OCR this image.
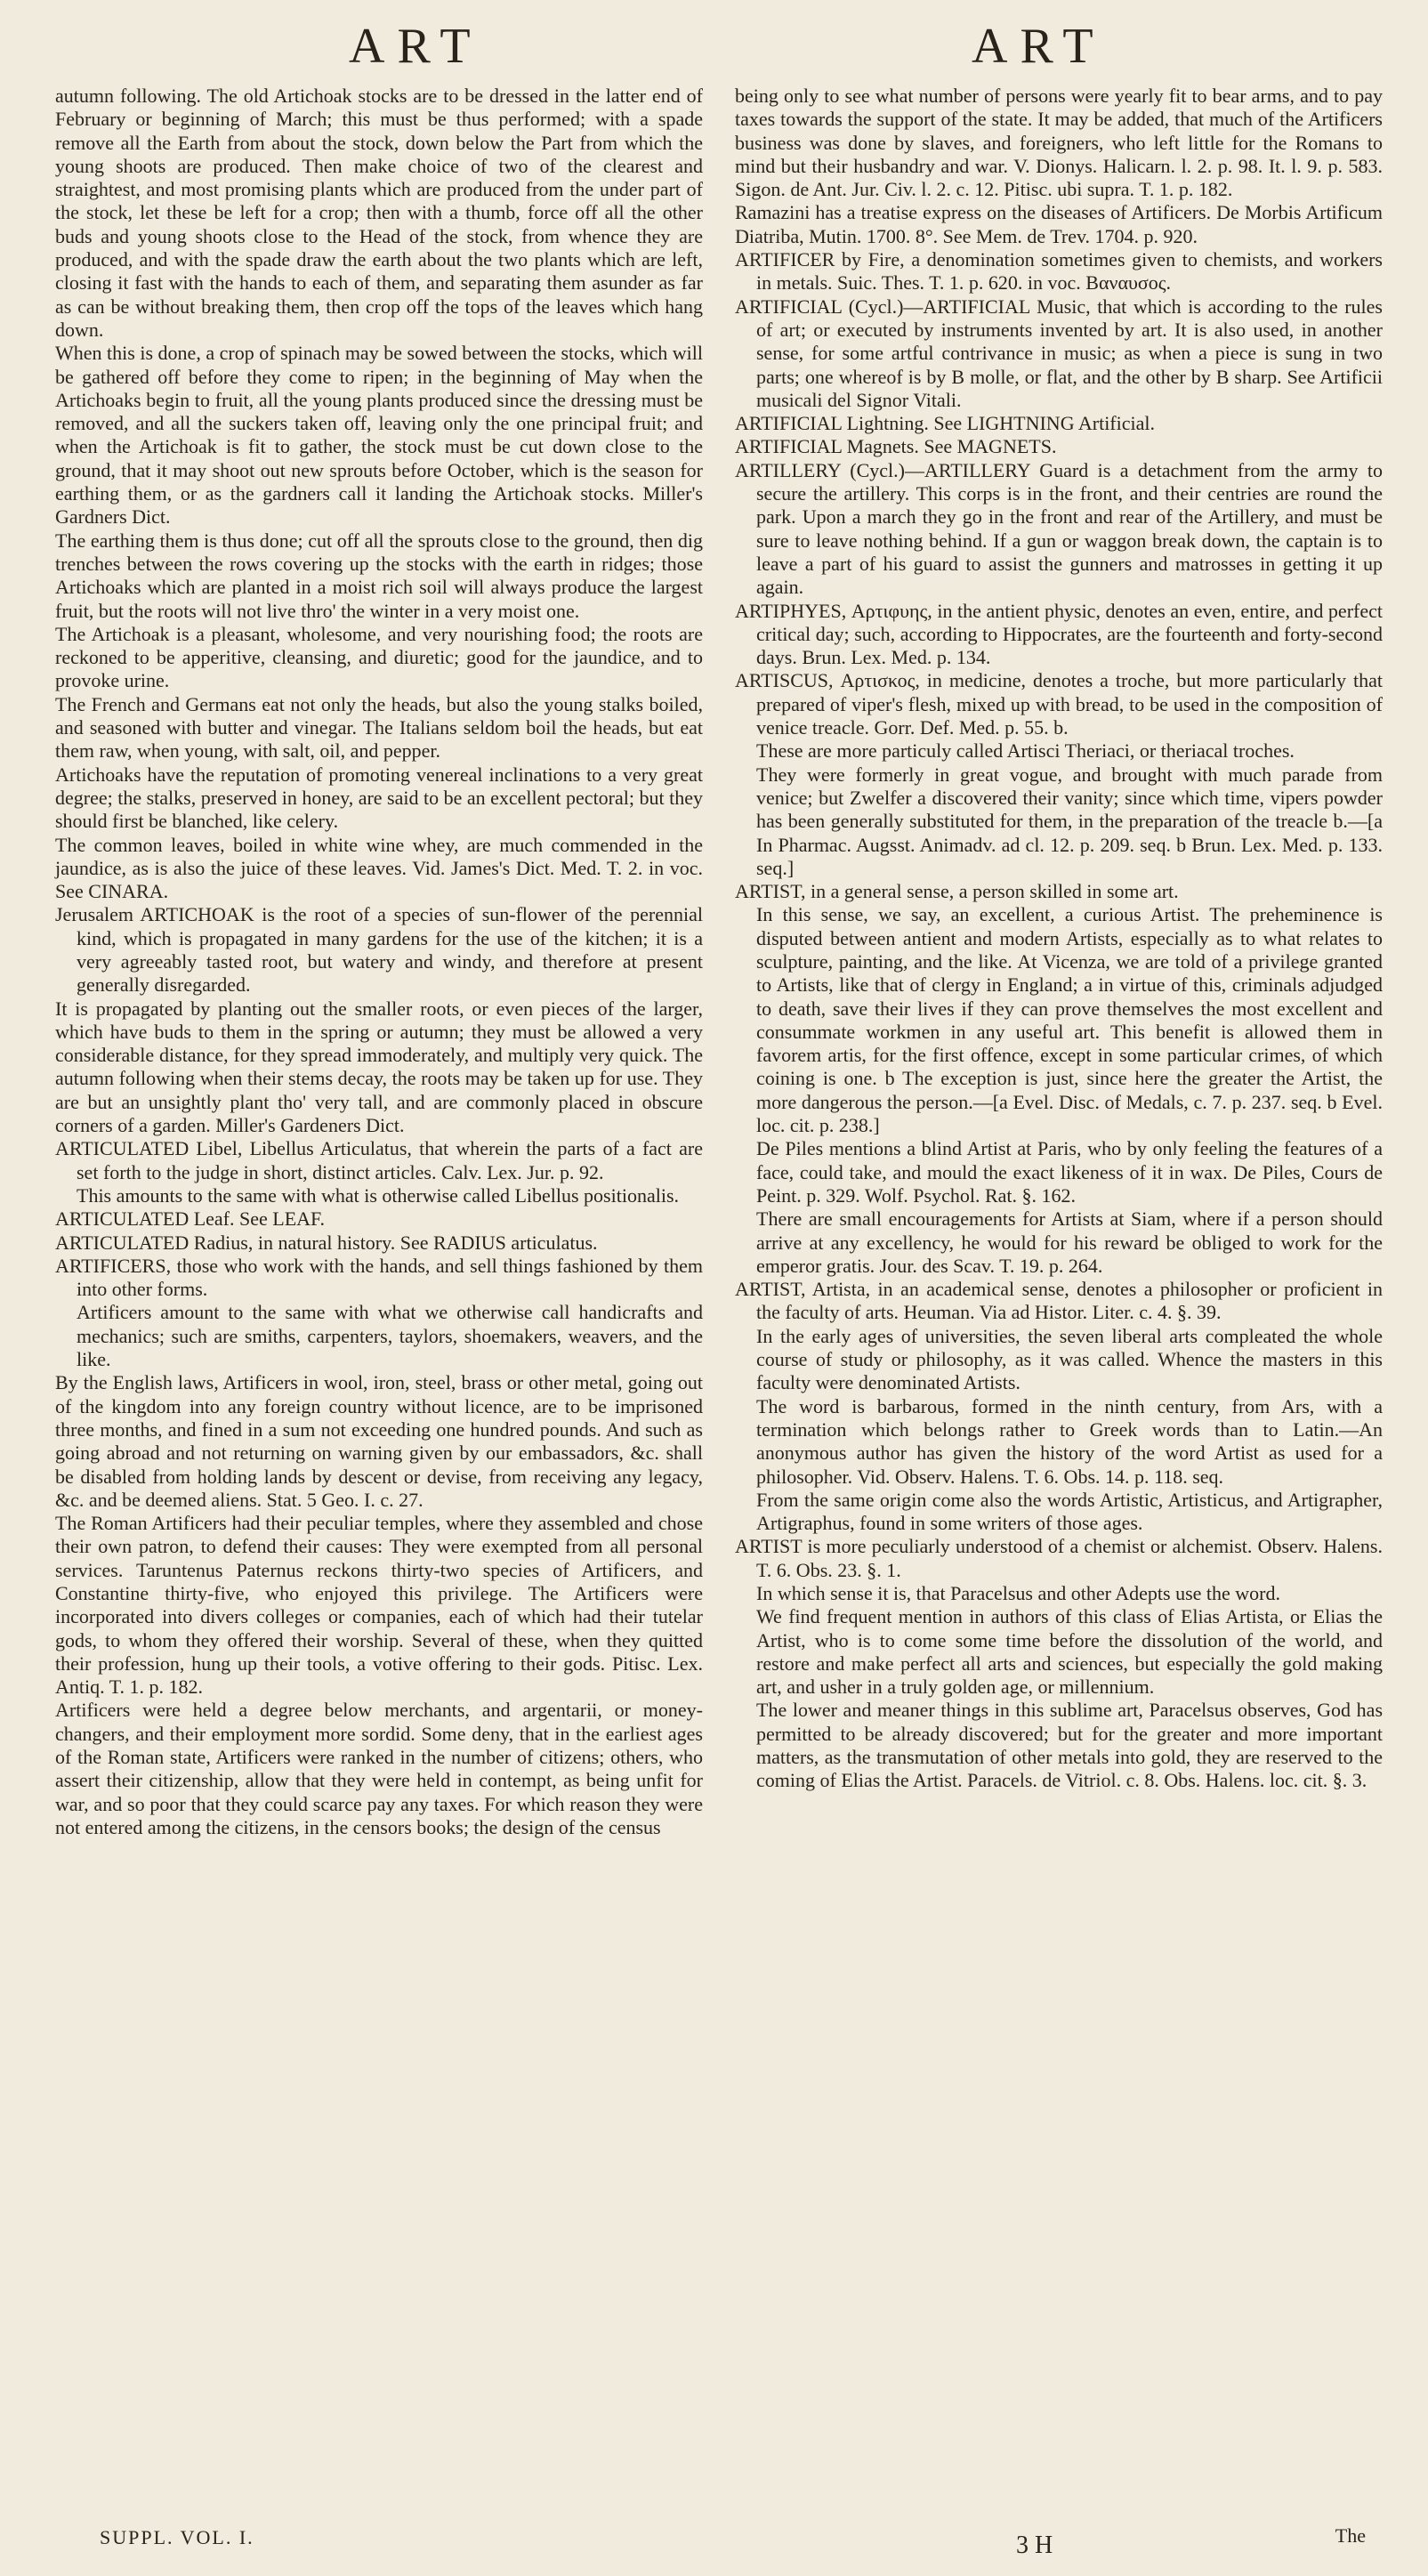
ART	ART

autumn following. The old Artichoak stocks are to be dressed in the latter end of February or beginning of March; this must be thus performed; with a spade remove all the Earth from about the stock, down below the Part from which the young shoots are produced. Then make choice of two of the clearest and straightest, and most promising plants which are produced from the under part of the stock, let these be left for a crop; then with a thumb, force off all the other buds and young shoots close to the Head of the stock, from whence they are produced, and with the spade draw the earth about the two plants which are left, closing it fast with the hands to each of them, and separating them asunder as far as can be without breaking them, then crop off the tops of the leaves which hang down.

When this is done, a crop of spinach may be sowed between the stocks, which will be gathered off before they come to ripen; in the beginning of May when the Artichoaks begin to fruit, all the young plants produced since the dressing must be removed, and all the suckers taken off, leaving only the one principal fruit; and when the Artichoak is fit to gather, the stock must be cut down close to the ground, that it may shoot out new sprouts before October, which is the season for earthing them, or as the gardners call it landing the Artichoak stocks. Miller's Gardners Dict.

The earthing them is thus done; cut off all the sprouts close to the ground, then dig trenches between the rows covering up the stocks with the earth in ridges; those Artichoaks which are planted in a moist rich soil will always produce the largest fruit, but the roots will not live thro' the winter in a very moist one.

The Artichoak is a pleasant, wholesome, and very nourishing food; the roots are reckoned to be apperitive, cleansing, and diuretic; good for the jaundice, and to provoke urine.

The French and Germans eat not only the heads, but also the young stalks boiled, and seasoned with butter and vinegar. The Italians seldom boil the heads, but eat them raw, when young, with salt, oil, and pepper.

Artichoaks have the reputation of promoting venereal inclinations to a very great degree; the stalks, preserved in honey, are said to be an excellent pectoral; but they should first be blanched, like celery.

The common leaves, boiled in white wine whey, are much commended in the jaundice, as is also the juice of these leaves. Vid. James's Dict. Med. T. 2. in voc. See CINARA.

Jerusalem ARTICHOAK is the root of a species of sun-flower of the perennial kind, which is propagated in many gardens for the use of the kitchen; it is a very agreeably tasted root, but watery and windy, and therefore at present generally disregarded.

It is propagated by planting out the smaller roots, or even pieces of the larger, which have buds to them in the spring or autumn; they must be allowed a very considerable distance, for they spread immoderately, and multiply very quick. The autumn following when their stems decay, the roots may be taken up for use. They are but an unsightly plant tho' very tall, and are commonly placed in obscure corners of a garden. Miller's Gardeners Dict.

ARTICULATED Libel, Libellus Articulatus, that wherein the parts of a fact are set forth to the judge in short, distinct articles. Calv. Lex. Jur. p. 92.

This amounts to the same with what is otherwise called Libellus positionalis.

ARTICULATED Leaf. See LEAF.

ARTICULATED Radius, in natural history. See RADIUS articulatus.

ARTIFICERS, those who work with the hands, and sell things fashioned by them into other forms.

Artificers amount to the same with what we otherwise call handicrafts and mechanics; such are smiths, carpenters, taylors, shoemakers, weavers, and the like.

By the English laws, Artificers in wool, iron, steel, brass or other metal, going out of the kingdom into any foreign country without licence, are to be imprisoned three months, and fined in a sum not exceeding one hundred pounds. And such as going abroad and not returning on warning given by our embassadors, &c. shall be disabled from holding lands by descent or devise, from receiving any legacy, &c. and be deemed aliens. Stat. 5 Geo. I. c. 27.

The Roman Artificers had their peculiar temples, where they assembled and chose their own patron, to defend their causes: They were exempted from all personal services. Taruntenus Paternus reckons thirty-two species of Artificers, and Constantine thirty-five, who enjoyed this privilege. The Artificers were incorporated into divers colleges or companies, each of which had their tutelar gods, to whom they offered their worship. Several of these, when they quitted their profession, hung up their tools, a votive offering to their gods. Pitisc. Lex. Antiq. T. 1. p. 182.

Artificers were held a degree below merchants, and argentarii, or money-changers, and their employment more sordid. Some deny, that in the earliest ages of the Roman state, Artificers were ranked in the number of citizens; others, who assert their citizenship, allow that they were held in contempt, as being unfit for war, and so poor that they could scarce pay any taxes. For which reason they were not entered among the citizens, in the censors books; the design of the census

being only to see what number of persons were yearly fit to bear arms, and to pay taxes towards the support of the state. It may be added, that much of the Artificers business was done by slaves, and foreigners, who left little for the Romans to mind but their husbandry and war. V. Dionys. Halicarn. l. 2. p. 98. It. l. 9. p. 583. Sigon. de Ant. Jur. Civ. l. 2. c. 12. Pitisc. ubi supra. T. 1. p. 182.

Ramazini has a treatise express on the diseases of Artificers. De Morbis Artificum Diatriba, Mutin. 1700. 8°. See Mem. de Trev. 1704. p. 920.

ARTIFICER by Fire, a denomination sometimes given to chemists, and workers in metals. Suic. Thes. T. 1. p. 620. in voc. Βαναυσος.

ARTIFICIAL (Cycl.)—ARTIFICIAL Music, that which is according to the rules of art; or executed by instruments invented by art. It is also used, in another sense, for some artful contrivance in music; as when a piece is sung in two parts; one whereof is by B molle, or flat, and the other by B sharp. See Artificii musicali del Signor Vitali.

ARTIFICIAL Lightning. See LIGHTNING Artificial.

ARTIFICIAL Magnets. See MAGNETS.

ARTILLERY (Cycl.)—ARTILLERY Guard is a detachment from the army to secure the artillery. This corps is in the front, and their centries are round the park. Upon a march they go in the front and rear of the Artillery, and must be sure to leave nothing behind. If a gun or waggon break down, the captain is to leave a part of his guard to assist the gunners and matrosses in getting it up again.

ARTIPHYES, Αρτιφυης, in the antient physic, denotes an even, entire, and perfect critical day; such, according to Hippocrates, are the fourteenth and forty-second days. Brun. Lex. Med. p. 134.

ARTISCUS, Αρτισκος, in medicine, denotes a troche, but more particularly that prepared of viper's flesh, mixed up with bread, to be used in the composition of venice treacle. Gorr. Def. Med. p. 55. b.

These are more particuly called Artisci Theriaci, or theriacal troches.

They were formerly in great vogue, and brought with much parade from venice; but Zwelfer a discovered their vanity; since which time, vipers powder has been generally substituted for them, in the preparation of the treacle b.—[a In Pharmac. Augsst. Animadv. ad cl. 12. p. 209. seq. b Brun. Lex. Med. p. 133. seq.]

ARTIST, in a general sense, a person skilled in some art.

In this sense, we say, an excellent, a curious Artist. The preheminence is disputed between antient and modern Artists, especially as to what relates to sculpture, painting, and the like. At Vicenza, we are told of a privilege granted to Artists, like that of clergy in England; a in virtue of this, criminals adjudged to death, save their lives if they can prove themselves the most excellent and consummate workmen in any useful art. This benefit is allowed them in favorem artis, for the first offence, except in some particular crimes, of which coining is one. b The exception is just, since here the greater the Artist, the more dangerous the person.—[a Evel. Disc. of Medals, c. 7. p. 237. seq. b Evel. loc. cit. p. 238.]

De Piles mentions a blind Artist at Paris, who by only feeling the features of a face, could take, and mould the exact likeness of it in wax. De Piles, Cours de Peint. p. 329. Wolf. Psychol. Rat. §. 162.

There are small encouragements for Artists at Siam, where if a person should arrive at any excellency, he would for his reward be obliged to work for the emperor gratis. Jour. des Scav. T. 19. p. 264.

ARTIST, Artista, in an academical sense, denotes a philosopher or proficient in the faculty of arts. Heuman. Via ad Histor. Liter. c. 4. §. 39.

In the early ages of universities, the seven liberal arts compleated the whole course of study or philosophy, as it was called. Whence the masters in this faculty were denominated Artists.

The word is barbarous, formed in the ninth century, from Ars, with a termination which belongs rather to Greek words than to Latin.—An anonymous author has given the history of the word Artist as used for a philosopher. Vid. Observ. Halens. T. 6. Obs. 14. p. 118. seq.

From the same origin come also the words Artistic, Artisticus, and Artigrapher, Artigraphus, found in some writers of those ages.

ARTIST is more peculiarly understood of a chemist or alchemist. Observ. Halens. T. 6. Obs. 23. §. 1.

In which sense it is, that Paracelsus and other Adepts use the word.

We find frequent mention in authors of this class of Elias Artista, or Elias the Artist, who is to come some time before the dissolution of the world, and restore and make perfect all arts and sciences, but especially the gold making art, and usher in a truly golden age, or millennium.

The lower and meaner things in this sublime art, Paracelsus observes, God has permitted to be already discovered; but for the greater and more important matters, as the transmutation of other metals into gold, they are reserved to the coming of Elias the Artist. Paracels. de Vitriol. c. 8. Obs. Halens. loc. cit. §. 3.

SUPPL. VOL. I.	3 H	The
